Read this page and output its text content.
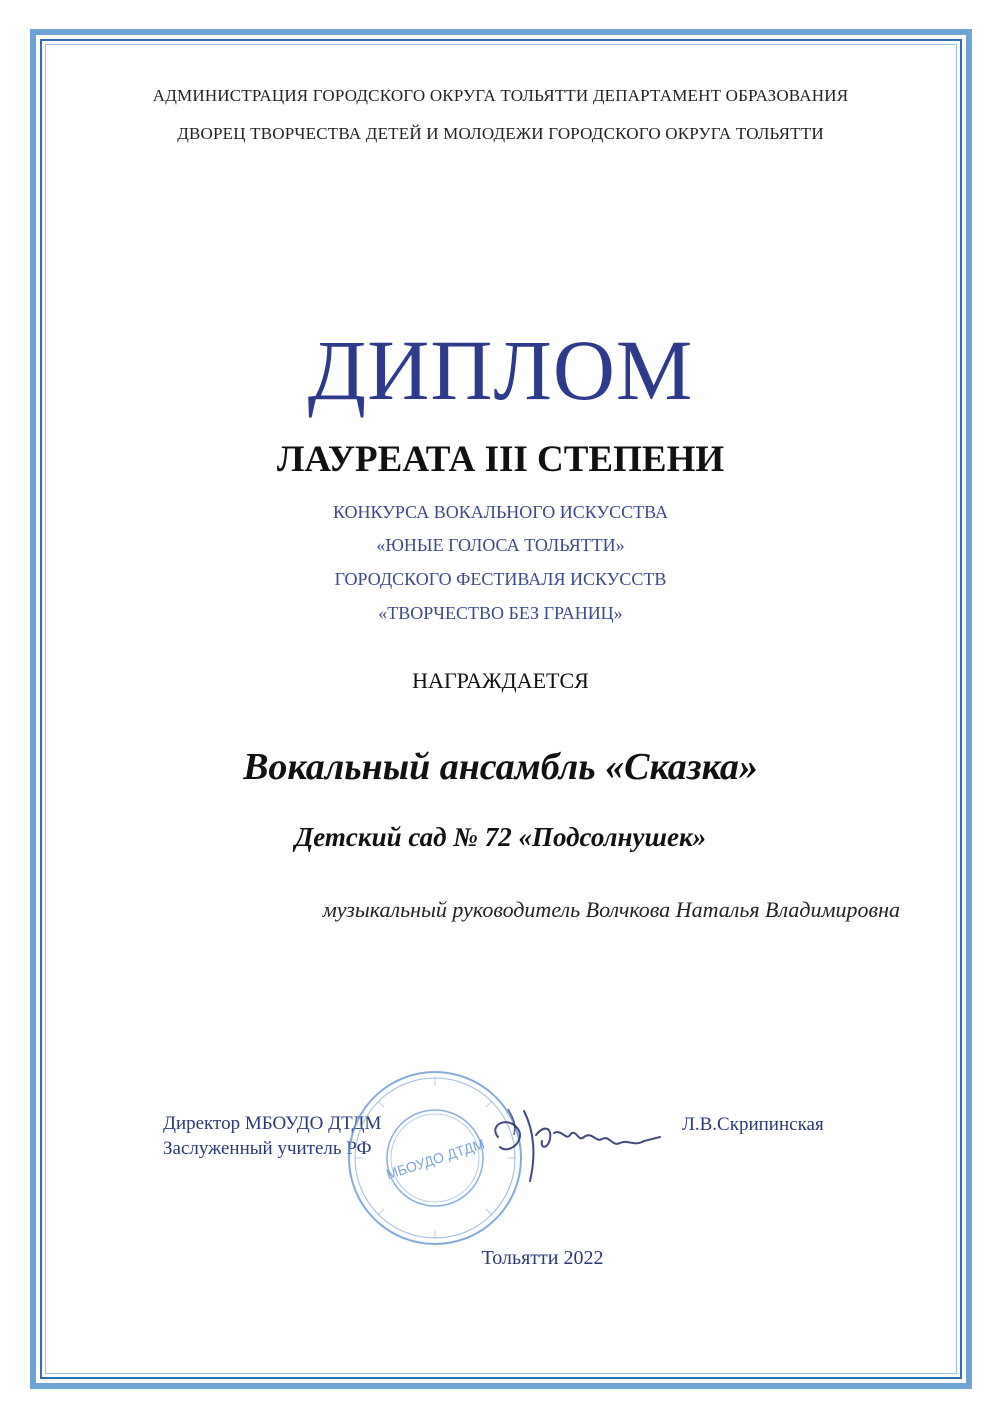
АДМИНИСТРАЦИЯ ГОРОДСКОГО ОКРУГА ТОЛЬЯТТИ ДЕПАРТАМЕНТ ОБРАЗОВАНИЯ
ДВОРЕЦ ТВОРЧЕСТВА ДЕТЕЙ И МОЛОДЕЖИ ГОРОДСКОГО ОКРУГА ТОЛЬЯТТИ
ДИПЛОМ
ЛАУРЕАТА III СТЕПЕНИ
КОНКУРСА ВОКАЛЬНОГО ИСКУССТВА
«ЮНЫЕ ГОЛОСА ТОЛЬЯТТИ»
ГОРОДСКОГО ФЕСТИВАЛЯ ИСКУССТВ
«ТВОРЧЕСТВО БЕЗ ГРАНИЦ»
НАГРАЖДАЕТСЯ
Вокальный ансамбль «Сказка»
Детский сад № 72 «Подсолнушек»
музыкальный руководитель Волчкова Наталья Владимировна
Директор МБОУДО ДТДМ
Заслуженный учитель РФ МБОУДО ДТДМ
Л.В.Скрипинская
Тольятти 2022
